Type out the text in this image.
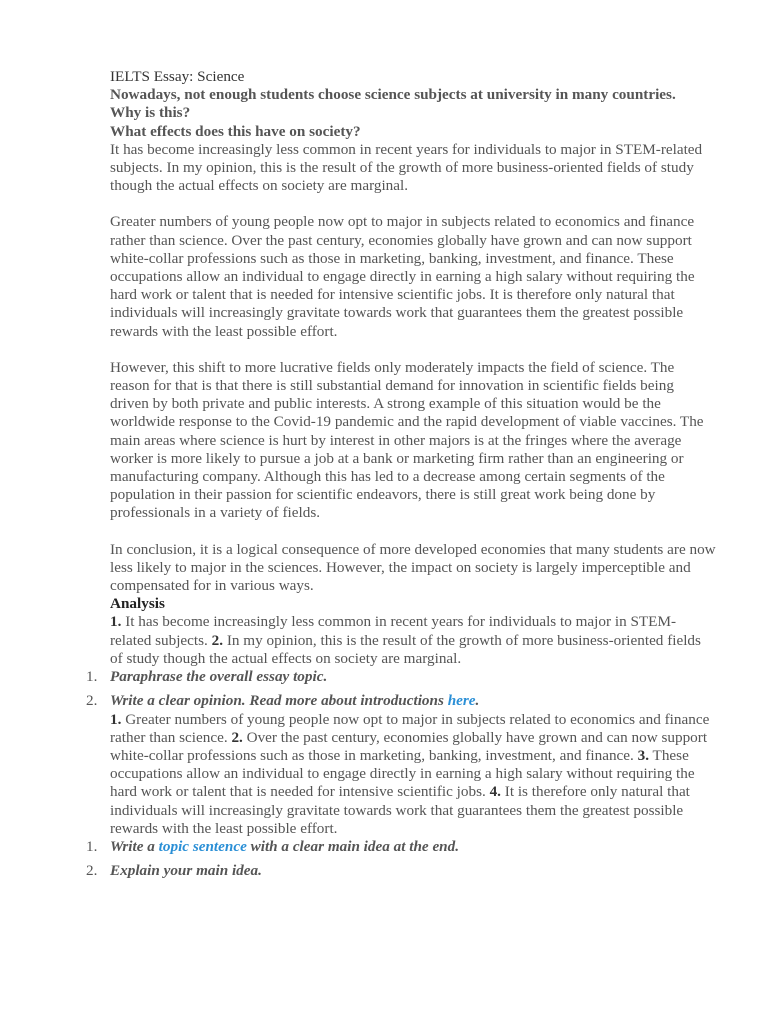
IELTS Essay: Science

Nowadays, not enough students choose science subjects at university in many countries.

Why is this?

What effects does this have on society?

It has become increasingly less common in recent years for individuals to major in STEM-related subjects. In my opinion, this is the result of the growth of more business-oriented fields of study though the actual effects on society are marginal.

Greater numbers of young people now opt to major in subjects related to economics and finance rather than science. Over the past century, economies globally have grown and can now support white-collar professions such as those in marketing, banking, investment, and finance. These occupations allow an individual to engage directly in earning a high salary without requiring the hard work or talent that is needed for intensive scientific jobs. It is therefore only natural that individuals will increasingly gravitate towards work that guarantees them the greatest possible rewards with the least possible effort.

However, this shift to more lucrative fields only moderately impacts the field of science. The reason for that is that there is still substantial demand for innovation in scientific fields being driven by both private and public interests. A strong example of this situation would be the worldwide response to the Covid-19 pandemic and the rapid development of viable vaccines. The main areas where science is hurt by interest in other majors is at the fringes where the average worker is more likely to pursue a job at a bank or marketing firm rather than an engineering or manufacturing company. Although this has led to a decrease among certain segments of the population in their passion for scientific endeavors, there is still great work being done by professionals in a variety of fields.

In conclusion, it is a logical consequence of more developed economies that many students are now less likely to major in the sciences. However, the impact on society is largely imperceptible and compensated for in various ways.

Analysis

1. It has become increasingly less common in recent years for individuals to major in STEM-related subjects. 2. In my opinion, this is the result of the growth of more business-oriented fields of study though the actual effects on society are marginal.

1. Paraphrase the overall essay topic.
2. Write a clear opinion. Read more about introductions here.

1. Greater numbers of young people now opt to major in subjects related to economics and finance rather than science. 2. Over the past century, economies globally have grown and can now support white-collar professions such as those in marketing, banking, investment, and finance. 3. These occupations allow an individual to engage directly in earning a high salary without requiring the hard work or talent that is needed for intensive scientific jobs. 4. It is therefore only natural that individuals will increasingly gravitate towards work that guarantees them the greatest possible rewards with the least possible effort.

1. Write a topic sentence with a clear main idea at the end.
2. Explain your main idea.
